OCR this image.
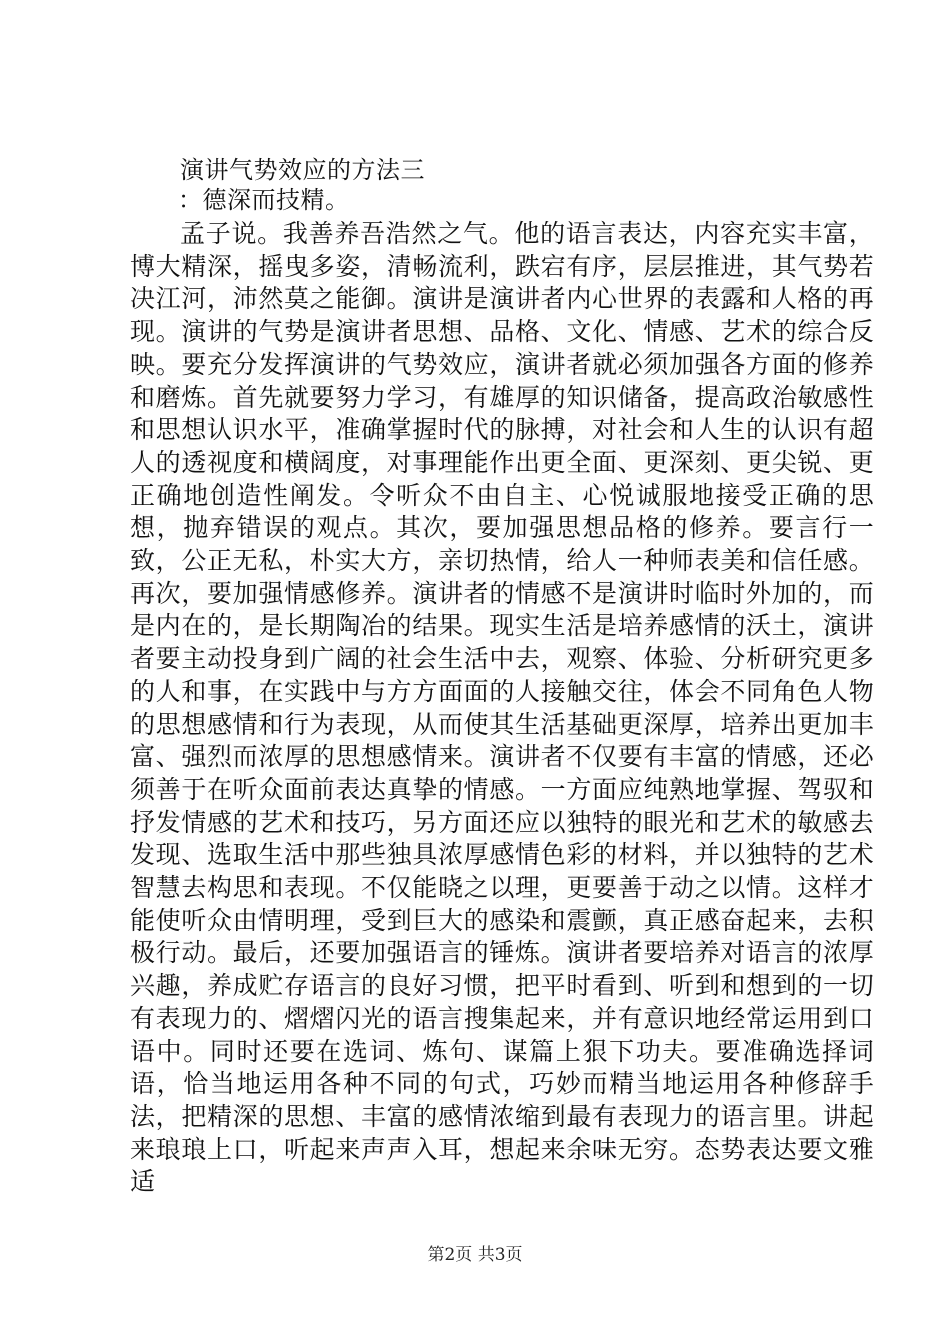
演讲气势效应的方法三
：德深而技精。

孟子说。我善养吾浩然之气。他的语言表达，内容充实丰富，博大精深，摇曳多姿，清畅流利，跌宕有序，层层推进，其气势若决江河，沛然莫之能御。演讲是演讲者内心世界的表露和人格的再现。演讲的气势是演讲者思想、品格、文化、情感、艺术的综合反映。要充分发挥演讲的气势效应，演讲者就必须加强各方面的修养和磨炼。首先就要努力学习，有雄厚的知识储备，提高政治敏感性和思想认识水平，准确掌握时代的脉搏，对社会和人生的认识有超人的透视度和横阔度，对事理能作出更全面、更深刻、更尖锐、更正确地创造性阐发。令听众不由自主、心悦诚服地接受正确的思想，抛弃错误的观点。其次，要加强思想品格的修养。要言行一致，公正无私，朴实大方，亲切热情，给人一种师表美和信任感。再次，要加强情感修养。演讲者的情感不是演讲时临时外加的，而是内在的，是长期陶冶的结果。现实生活是培养感情的沃土，演讲者要主动投身到广阔的社会生活中去，观察、体验、分析研究更多的人和事，在实践中与方方面面的人接触交往，体会不同角色人物的思想感情和行为表现，从而使其生活基础更深厚，培养出更加丰富、强烈而浓厚的思想感情来。演讲者不仅要有丰富的情感，还必须善于在听众面前表达真挚的情感。一方面应纯熟地掌握、驾驭和抒发情感的艺术和技巧，另方面还应以独特的眼光和艺术的敏感去发现、选取生活中那些独具浓厚感情色彩的材料，并以独特的艺术智慧去构思和表现。不仅能晓之以理，更要善于动之以情。这样才能使听众由情明理，受到巨大的感染和震颤，真正感奋起来，去积极行动。最后，还要加强语言的锤炼。演讲者要培养对语言的浓厚兴趣，养成贮存语言的良好习惯，把平时看到、听到和想到的一切有表现力的、熠熠闪光的语言搜集起来，并有意识地经常运用到口语中。同时还要在选词、炼句、谋篇上狠下功夫。要准确选择词语，恰当地运用各种不同的句式，巧妙而精当地运用各种修辞手法，把精深的思想、丰富的感情浓缩到最有表现力的语言里。讲起来琅琅上口，听起来声声入耳，想起来余味无穷。态势表达要文雅适

第2页 共3页
